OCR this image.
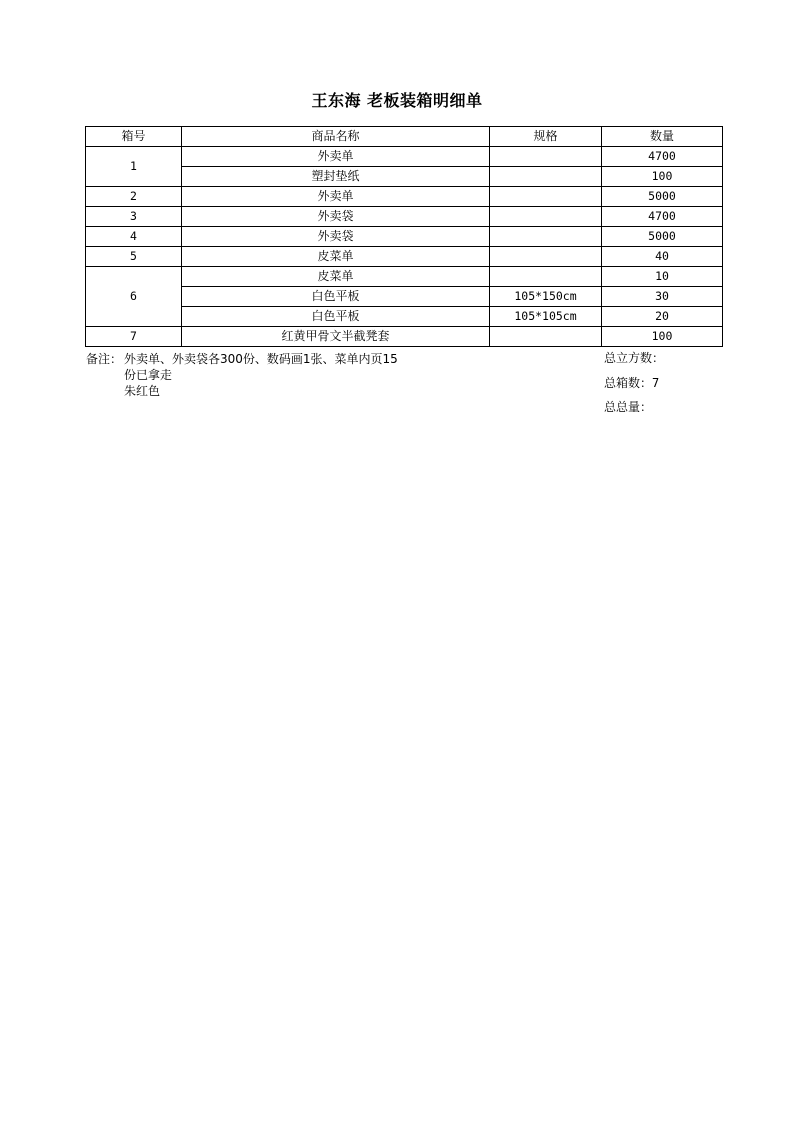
王东海 老板装箱明细单
箱号	商品名称	规格	数量
1	外卖单		4700
	塑封垫纸		100
2	外卖单		5000
3	外卖袋		4700
4	外卖袋		5000
5	皮菜单		40
6	皮菜单		10
	白色平板	105*150cm	30
	白色平板	105*105cm	20
7	红黄甲骨文半截凳套		100
备注： 外卖单、外卖袋各300份、数码画1张、菜单内页15
份已拿走
朱红色
总立方数：
总箱数：7
总总量：
